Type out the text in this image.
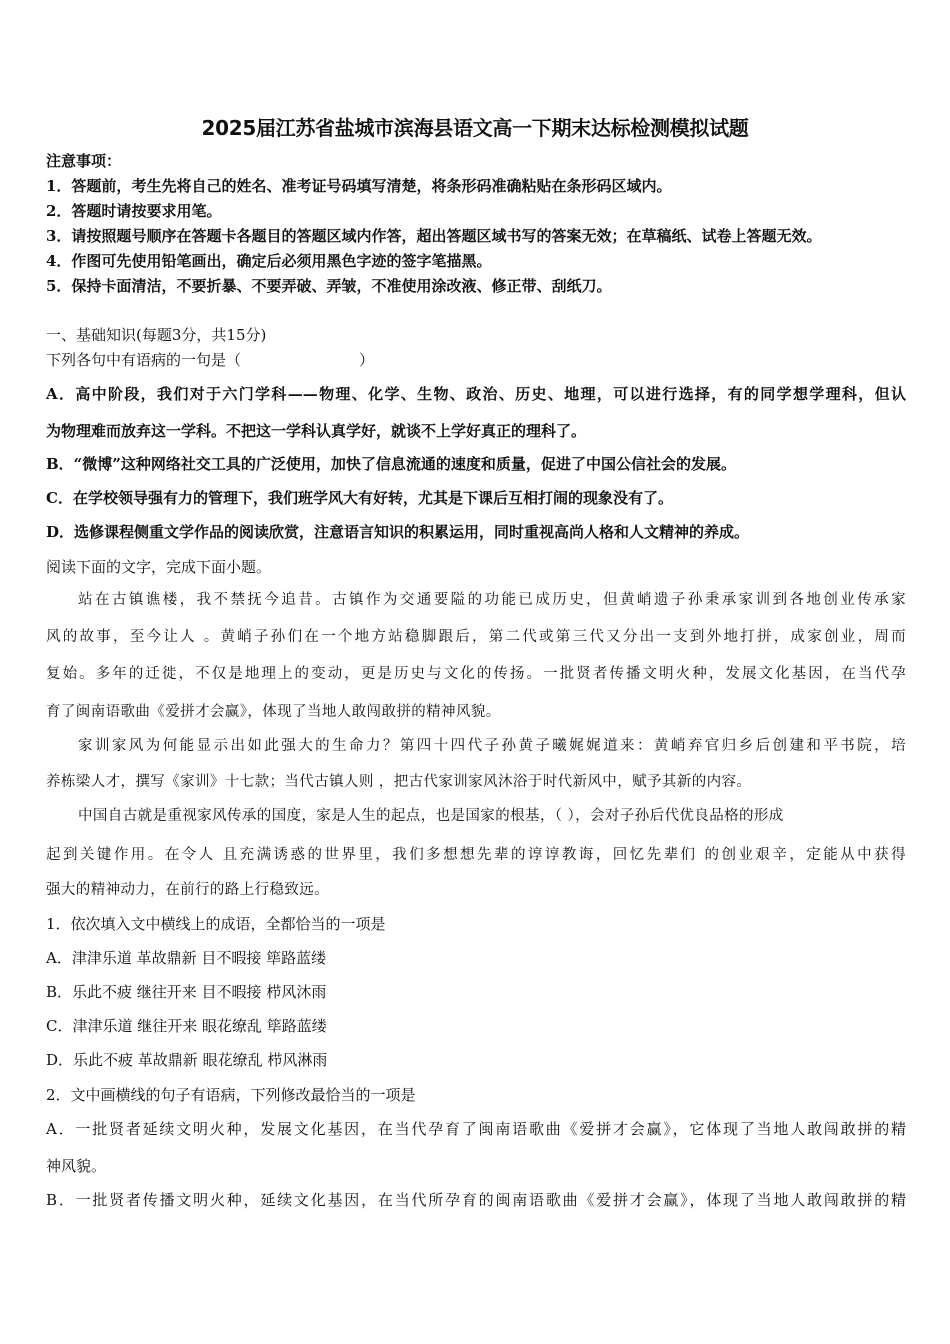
2025届江苏省盐城市滨海县语文高一下期末达标检测模拟试题
注意事项：
1．答题前，考生先将自己的姓名、准考证号码填写清楚，将条形码准确粘贴在条形码区域内。
2．答题时请按要求用笔。
3．请按照题号顺序在答题卡各题目的答题区域内作答，超出答题区域书写的答案无效；在草稿纸、试卷上答题无效。
4．作图可先使用铅笔画出，确定后必须用黑色字迹的签字笔描黑。
5．保持卡面清洁，不要折暴、不要弄破、弄皱，不准使用涂改液、修正带、刮纸刀。
一、基础知识(每题3分，共15分)
下列各句中有语病的一句是（	）
A．高中阶段，我们对于六门学科——物理、化学、生物、政治、历史、地理，可以进行选择，有的同学想学理科，但认
为物理难而放弃这一学科。不把这一学科认真学好，就谈不上学好真正的理科了。
B．“微博”这种网络社交工具的广泛使用，加快了信息流通的速度和质量，促进了中国公信社会的发展。
C．在学校领导强有力的管理下，我们班学风大有好转，尤其是下课后互相打闹的现象没有了。
D．选修课程侧重文学作品的阅读欣赏，注意语言知识的积累运用，同时重视高尚人格和人文精神的养成。
阅读下面的文字，完成下面小题。
站在古镇谯楼，我不禁抚今追昔。古镇作为交通要隘的功能已成历史，但黄峭遗子孙秉承家训到各地创业传承家
风的故事，至今让人 。黄峭子孙们在一个地方站稳脚跟后，第二代或第三代又分出一支到外地打拼，成家创业，周而
复始。多年的迁徙，不仅是地理上的变动，更是历史与文化的传扬。一批贤者传播文明火种，发展文化基因，在当代孕
育了闽南语歌曲《爱拼才会赢》，体现了当地人敢闯敢拼的精神风貌。
家训家风为何能显示出如此强大的生命力？第四十四代子孙黄子曦娓娓道来：黄峭弃官归乡后创建和平书院，培
养栋梁人才，撰写《家训》十七款；当代古镇人则 ，把古代家训家风沐浴于时代新风中，赋予其新的内容。
中国自古就是重视家风传承的国度，家是人生的起点，也是国家的根基，（ ），会对子孙后代优良品格的形成
起到关键作用。在令人 且充满诱惑的世界里，我们多想想先辈的谆谆教诲，回忆先辈们 的创业艰辛，定能从中获得
强大的精神动力，在前行的路上行稳致远。
1．依次填入文中横线上的成语，全都恰当的一项是
A．津津乐道 革故鼎新 目不暇接 筚路蓝缕
B．乐此不疲 继往开来 目不暇接 栉风沐雨
C．津津乐道 继往开来 眼花缭乱 筚路蓝缕
D．乐此不疲 革故鼎新 眼花缭乱 栉风淋雨
2．文中画横线的句子有语病，下列修改最恰当的一项是
A．一批贤者延续文明火种，发展文化基因，在当代孕育了闽南语歌曲《爱拼才会赢》，它体现了当地人敢闯敢拼的精
神风貌。
B．一批贤者传播文明火种，延续文化基因，在当代所孕育的闽南语歌曲《爱拼才会赢》，体现了当地人敢闯敢拼的精
